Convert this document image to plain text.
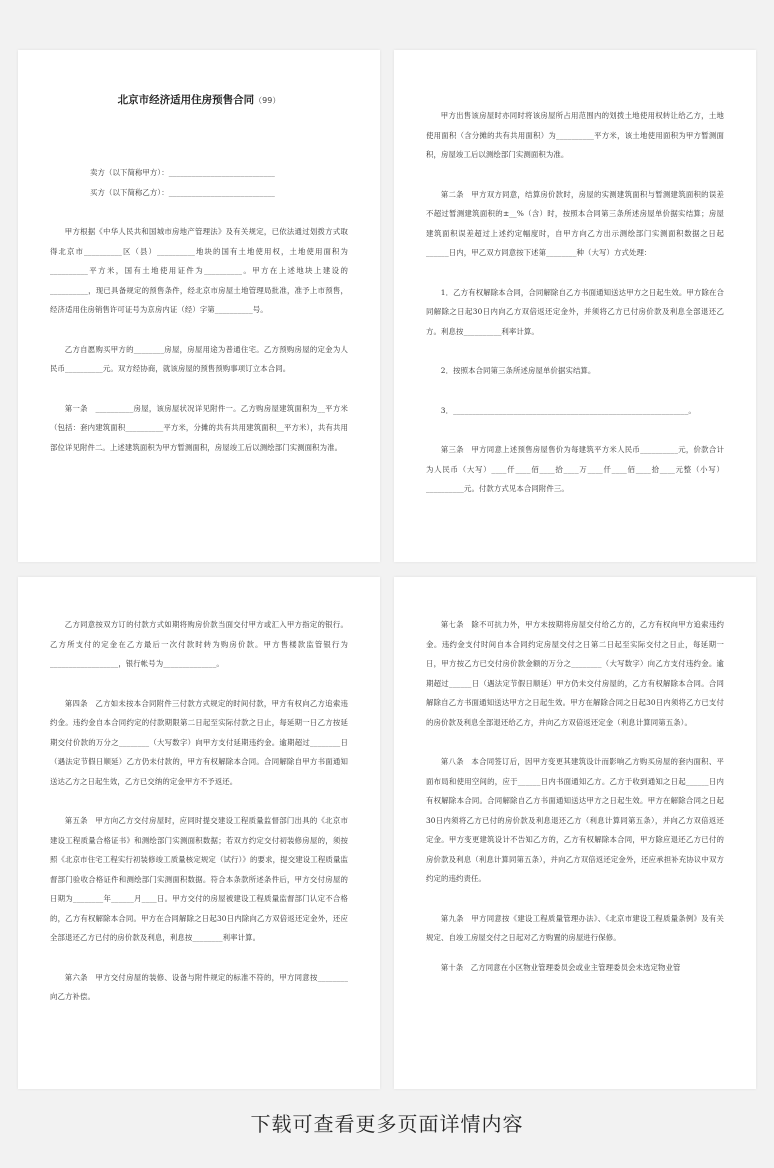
北京市经济适用住房预售合同（99）

卖方（以下简称甲方）：____________________________

买方（以下简称乙方）：____________________________

甲方根据《中华人民共和国城市房地产管理法》及有关规定，已依法通过划拨方式取得北京市__________区（县）__________地块的国有土地使用权，土地使用面积为__________平方米，国有土地使用证件为__________。甲方在上述地块上建设的__________，现已具备规定的预售条件，经北京市房屋土地管理局批准，准予上市预售，经济适用住房销售许可证号为京房内证（经）字第__________号。

乙方自愿购买甲方的________房屋，房屋用途为普通住宅。乙方预购房屋的定金为人民币__________元。双方经协商，就该房屋的预售预购事项订立本合同。

第一条　__________房屋，该房屋状况详见附件一。乙方购房屋建筑面积为__平方米（包括：套内建筑面积__________平方米，分摊的共有共用建筑面积__平方米），共有共用部位详见附件二。上述建筑面积为甲方暂测面积，房屋竣工后以测绘部门实测面积为准。

甲方出售该房屋时亦同时将该房屋所占用范围内的划拨土地使用权转让给乙方，土地使用面积（含分摊的共有共用面积）为__________平方米，该土地使用面积为甲方暂测面积，房屋竣工后以测绘部门实测面积为准。

第二条　甲方双方同意，结算房价款时，房屋的实测建筑面积与暂测建筑面积的误差不超过暂测建筑面积的±__%（含）时，按照本合同第三条所述房屋单价据实结算；房屋建筑面积误差超过上述约定幅度时，自甲方向乙方出示测绘部门实测面积数据之日起______日内，甲乙双方同意按下述第________种（大写）方式处理：

1．乙方有权解除本合同，合同解除自乙方书面通知送达甲方之日起生效。甲方除在合同解除之日起30日内向乙方双倍返还定金外，并须将乙方已付房价款及利息全部退还乙方。利息按__________利率计算。

2．按照本合同第三条所述房屋单价据实结算。

3．______________________________________________________________。

第三条　甲方同意上述预售房屋售价为每建筑平方米人民币__________元，价款合计为人民币（大写）____仟____佰____拾____万____仟____佰____拾____元整（小写）__________元。付款方式见本合同附件三。

乙方同意按双方订的付款方式如期将购房价款当面交付甲方或汇入甲方指定的银行。乙方所支付的定金在乙方最后一次付款时转为购房价款。甲方售楼款监管银行为__________________，银行帐号为______________。

第四条　乙方如未按本合同附件三付款方式规定的时间付款，甲方有权向乙方追索违约金。违约金自本合同约定的付款期限第二日起至实际付款之日止，每延期一日乙方按延期交付价款的万分之________（大写数字）向甲方支付延期违约金。逾期超过________日（遇法定节假日顺延）乙方仍未付款的，甲方有权解除本合同。合同解除自甲方书面通知送达乙方之日起生效，乙方已交纳的定金甲方不予返还。

第五条　甲方向乙方交付房屋时，应同时提交建设工程质量监督部门出具的《北京市建设工程质量合格证书》和测绘部门实测面积数据；若双方约定交付初装修房屋的，须按照《北京市住宅工程实行初装修竣工质量核定规定（试行）》的要求，提交建设工程质量监督部门验收合格证件和测绘部门实测面积数据。符合本条款所述条件后，甲方交付房屋的日期为________年______月____日。甲方交付的房屋被建设工程质量监督部门认定不合格的，乙方有权解除本合同。甲方在合同解除之日起30日内除向乙方双倍返还定金外，还应全部退还乙方已付的房价款及利息，利息按________利率计算。

第六条　甲方交付房屋的装修、设备与附件规定的标准不符的，甲方同意按________向乙方补偿。

第七条　除不可抗力外，甲方未按期将房屋交付给乙方的，乙方有权向甲方追索违约金。违约金支付时间自本合同约定房屋交付之日第二日起至实际交付之日止，每延期一日，甲方按乙方已交付房价款金额的万分之________（大写数字）向乙方支付违约金。逾期超过______日（遇法定节假日顺延）甲方仍未交付房屋的，乙方有权解除本合同。合同解除自乙方书面通知送达甲方之日起生效。甲方在解除合同之日起30日内须将乙方已支付的房价款及利息全部退还给乙方，并向乙方双倍返还定金（利息计算同第五条）。

第八条　本合同签订后，因甲方变更其建筑设计而影响乙方购买房屋的套内面积、平面布局和使用空间的，应于______日内书面通知乙方。乙方于收到通知之日起______日内有权解除本合同。合同解除自乙方书面通知送达甲方之日起生效。甲方在解除合同之日起30日内须将乙方已付的房价款及利息退还乙方（利息计算同第五条），并向乙方双倍返还定金。甲方变更建筑设计不告知乙方的，乙方有权解除本合同，甲方除应退还乙方已付的房价款及利息（利息计算同第五条），并向乙方双倍返还定金外，还应承担补充协议中双方约定的违约责任。

第九条　甲方同意按《建设工程质量管理办法》、《北京市建设工程质量条例》及有关规定、自竣工房屋交付之日起对乙方购置的房屋进行保修。

第十条　乙方同意在小区物业管理委员会或业主管理委员会未选定物业管

下载可查看更多页面详情内容
